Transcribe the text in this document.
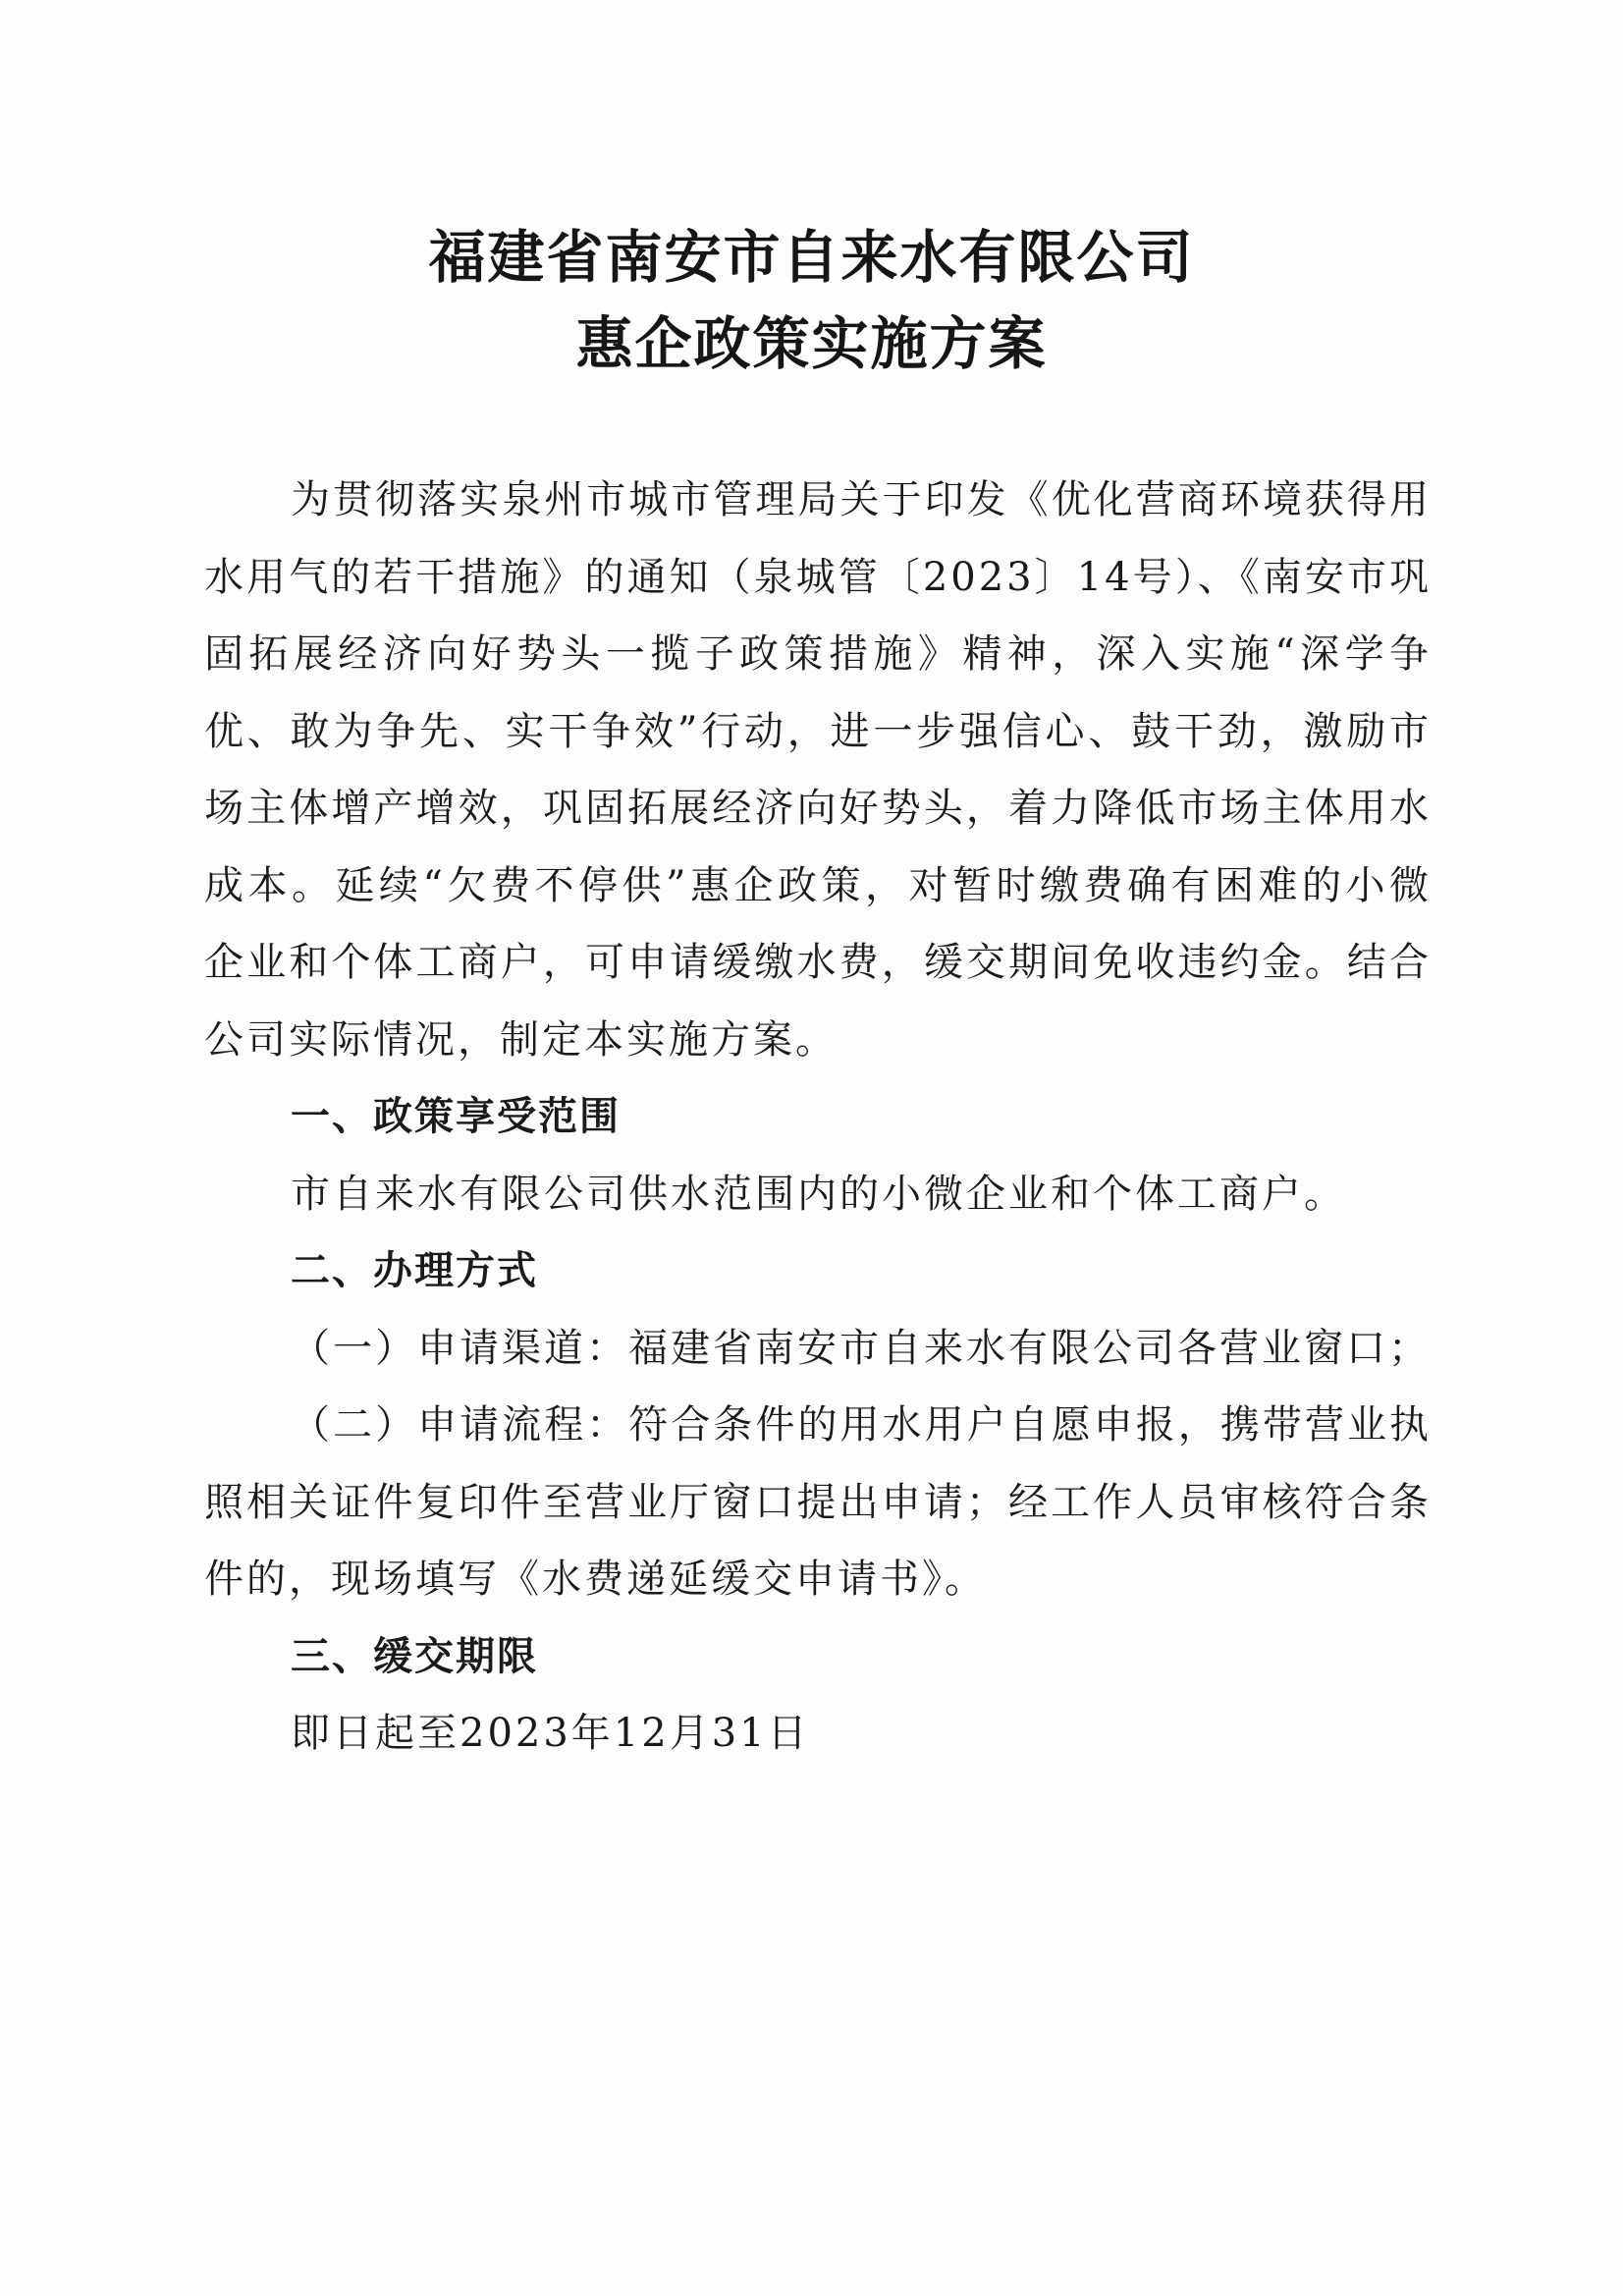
福建省南安市自来水有限公司
惠企政策实施方案

为贯彻落实泉州市城市管理局关于印发《优化营商环境获得用水用气的若干措施》的通知（泉城管〔2023〕14号）、《南安市巩固拓展经济向好势头一揽子政策措施》精神，深入实施“深学争优、敢为争先、实干争效”行动，进一步强信心、鼓干劲，激励市场主体增产增效，巩固拓展经济向好势头，着力降低市场主体用水成本。延续“欠费不停供”惠企政策，对暂时缴费确有困难的小微企业和个体工商户，可申请缓缴水费，缓交期间免收违约金。结合公司实际情况，制定本实施方案。

一、政策享受范围

市自来水有限公司供水范围内的小微企业和个体工商户。

二、办理方式

（一）申请渠道：福建省南安市自来水有限公司各营业窗口；

（二）申请流程：符合条件的用水用户自愿申报，携带营业执照相关证件复印件至营业厅窗口提出申请；经工作人员审核符合条件的，现场填写《水费递延缓交申请书》。

三、缓交期限

即日起至2023年12月31日
